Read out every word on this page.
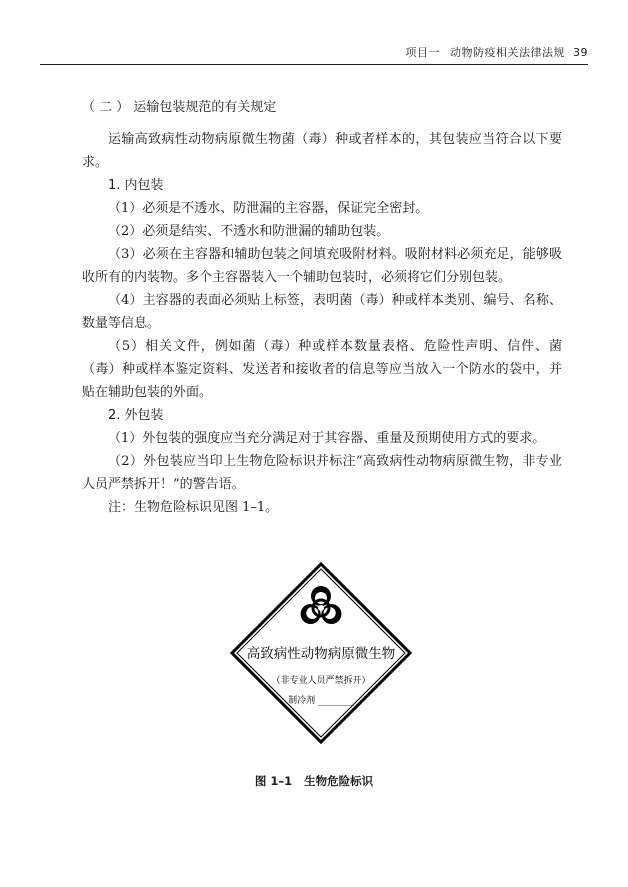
项目一 动物防疫相关法律法规 39

（ 二 ） 运输包装规范的有关规定

运输高致病性动物病原微生物菌（毒）种或者样本的，其包装应当符合以下要求。

1. 内包装

（1）必须是不透水、防泄漏的主容器，保证完全密封。

（2）必须是结实、不透水和防泄漏的辅助包装。

（3）必须在主容器和辅助包装之间填充吸附材料。吸附材料必须充足，能够吸收所有的内装物。多个主容器装入一个辅助包装时，必须将它们分别包装。

（4）主容器的表面必须贴上标签，表明菌（毒）种或样本类别、编号、名称、数量等信息。

（5）相关文件，例如菌（毒）种或样本数量表格、危险性声明、信件、菌（毒）种或样本鉴定资料、发送者和接收者的信息等应当放入一个防水的袋中，并贴在辅助包装的外面。

2. 外包装

（1）外包装的强度应当充分满足对于其容器、重量及预期使用方式的要求。

（2）外包装应当印上生物危险标识并标注“高致病性动物病原微生物，非专业人员严禁拆开！”的警告语。

注：生物危险标识见图 1–1。

高致病性动物病原微生物
（非专业人员严禁拆开）
制冷剂 ________
图 1–1 生物危险标识
